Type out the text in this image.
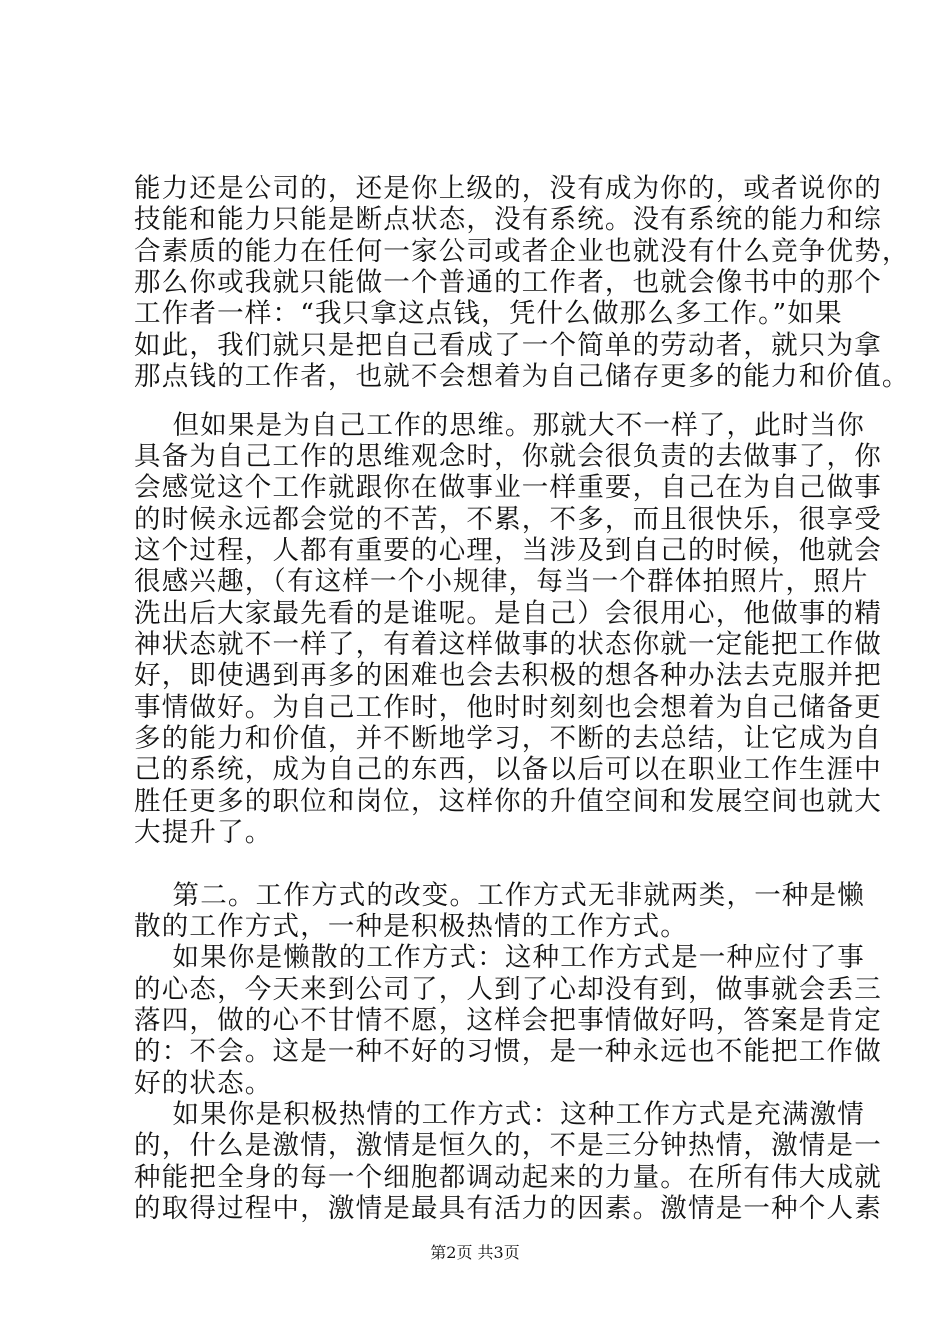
能力还是公司的，还是你上级的，没有成为你的，或者说你的
技能和能力只能是断点状态，没有系统。没有系统的能力和综
合素质的能力在任何一家公司或者企业也就没有什么竞争优势，
那么你或我就只能做一个普通的工作者，也就会像书中的那个
工作者一样：“我只拿这点钱，凭什么做那么多工作。”如果
如此，我们就只是把自己看成了一个简单的劳动者，就只为拿
那点钱的工作者，也就不会想着为自己储存更多的能力和价值。
但如果是为自己工作的思维。那就大不一样了，此时当你
具备为自己工作的思维观念时，你就会很负责的去做事了，你
会感觉这个工作就跟你在做事业一样重要，自己在为自己做事
的时候永远都会觉的不苦，不累，不多，而且很快乐，很享受
这个过程，人都有重要的心理，当涉及到自己的时候，他就会
很感兴趣，（有这样一个小规律，每当一个群体拍照片，照片
洗出后大家最先看的是谁呢。是自己）会很用心，他做事的精
神状态就不一样了，有着这样做事的状态你就一定能把工作做
好，即使遇到再多的困难也会去积极的想各种办法去克服并把
事情做好。为自己工作时，他时时刻刻也会想着为自己储备更
多的能力和价值，并不断地学习，不断的去总结，让它成为自
己的系统，成为自己的东西，以备以后可以在职业工作生涯中
胜任更多的职位和岗位，这样你的升值空间和发展空间也就大
大提升了。
第二。工作方式的改变。工作方式无非就两类，一种是懒
散的工作方式，一种是积极热情的工作方式。
如果你是懒散的工作方式：这种工作方式是一种应付了事
的心态，今天来到公司了，人到了心却没有到，做事就会丢三
落四，做的心不甘情不愿，这样会把事情做好吗，答案是肯定
的：不会。这是一种不好的习惯，是一种永远也不能把工作做
好的状态。
如果你是积极热情的工作方式：这种工作方式是充满激情
的，什么是激情，激情是恒久的，不是三分钟热情，激情是一
种能把全身的每一个细胞都调动起来的力量。在所有伟大成就
的取得过程中，激情是最具有活力的因素。激情是一种个人素
第2页 共3页
